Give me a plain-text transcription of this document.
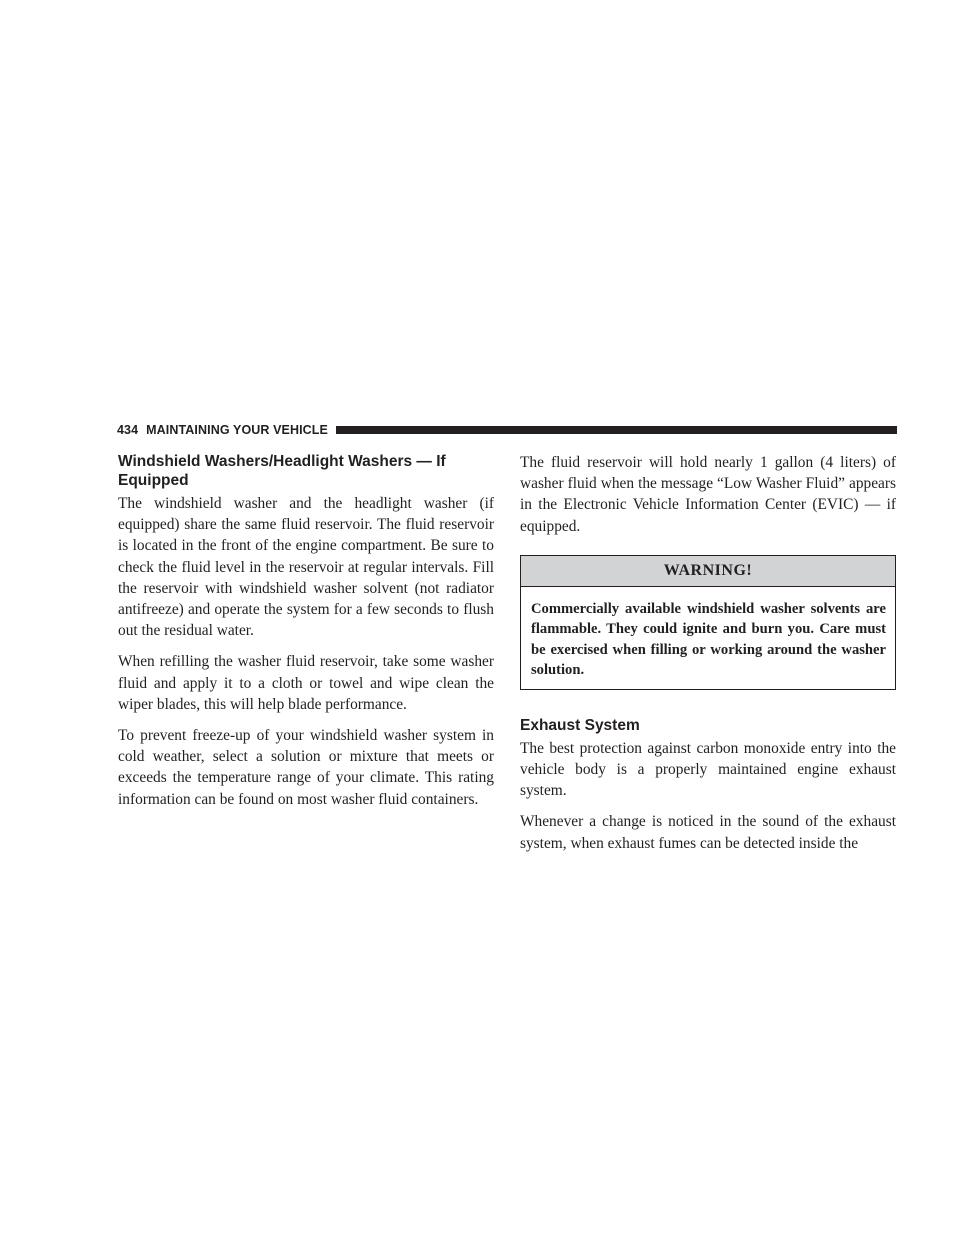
434 MAINTAINING YOUR VEHICLE
Windshield Washers/Headlight Washers — If Equipped

The windshield washer and the headlight washer (if equipped) share the same fluid reservoir. The fluid reservoir is located in the front of the engine compartment. Be sure to check the fluid level in the reservoir at regular intervals. Fill the reservoir with windshield washer solvent (not radiator antifreeze) and operate the system for a few seconds to flush out the residual water.

When refilling the washer fluid reservoir, take some washer fluid and apply it to a cloth or towel and wipe clean the wiper blades, this will help blade performance.

To prevent freeze-up of your windshield washer system in cold weather, select a solution or mixture that meets or exceeds the temperature range of your climate. This rating information can be found on most washer fluid containers.

The fluid reservoir will hold nearly 1 gallon (4 liters) of washer fluid when the message “Low Washer Fluid” appears in the Electronic Vehicle Information Center (EVIC) — if equipped.

WARNING!
Commercially available windshield washer solvents are flammable. They could ignite and burn you. Care must be exercised when filling or working around the washer solution.
Exhaust System

The best protection against carbon monoxide entry into the vehicle body is a properly maintained engine exhaust system.

Whenever a change is noticed in the sound of the exhaust system, when exhaust fumes can be detected inside the
